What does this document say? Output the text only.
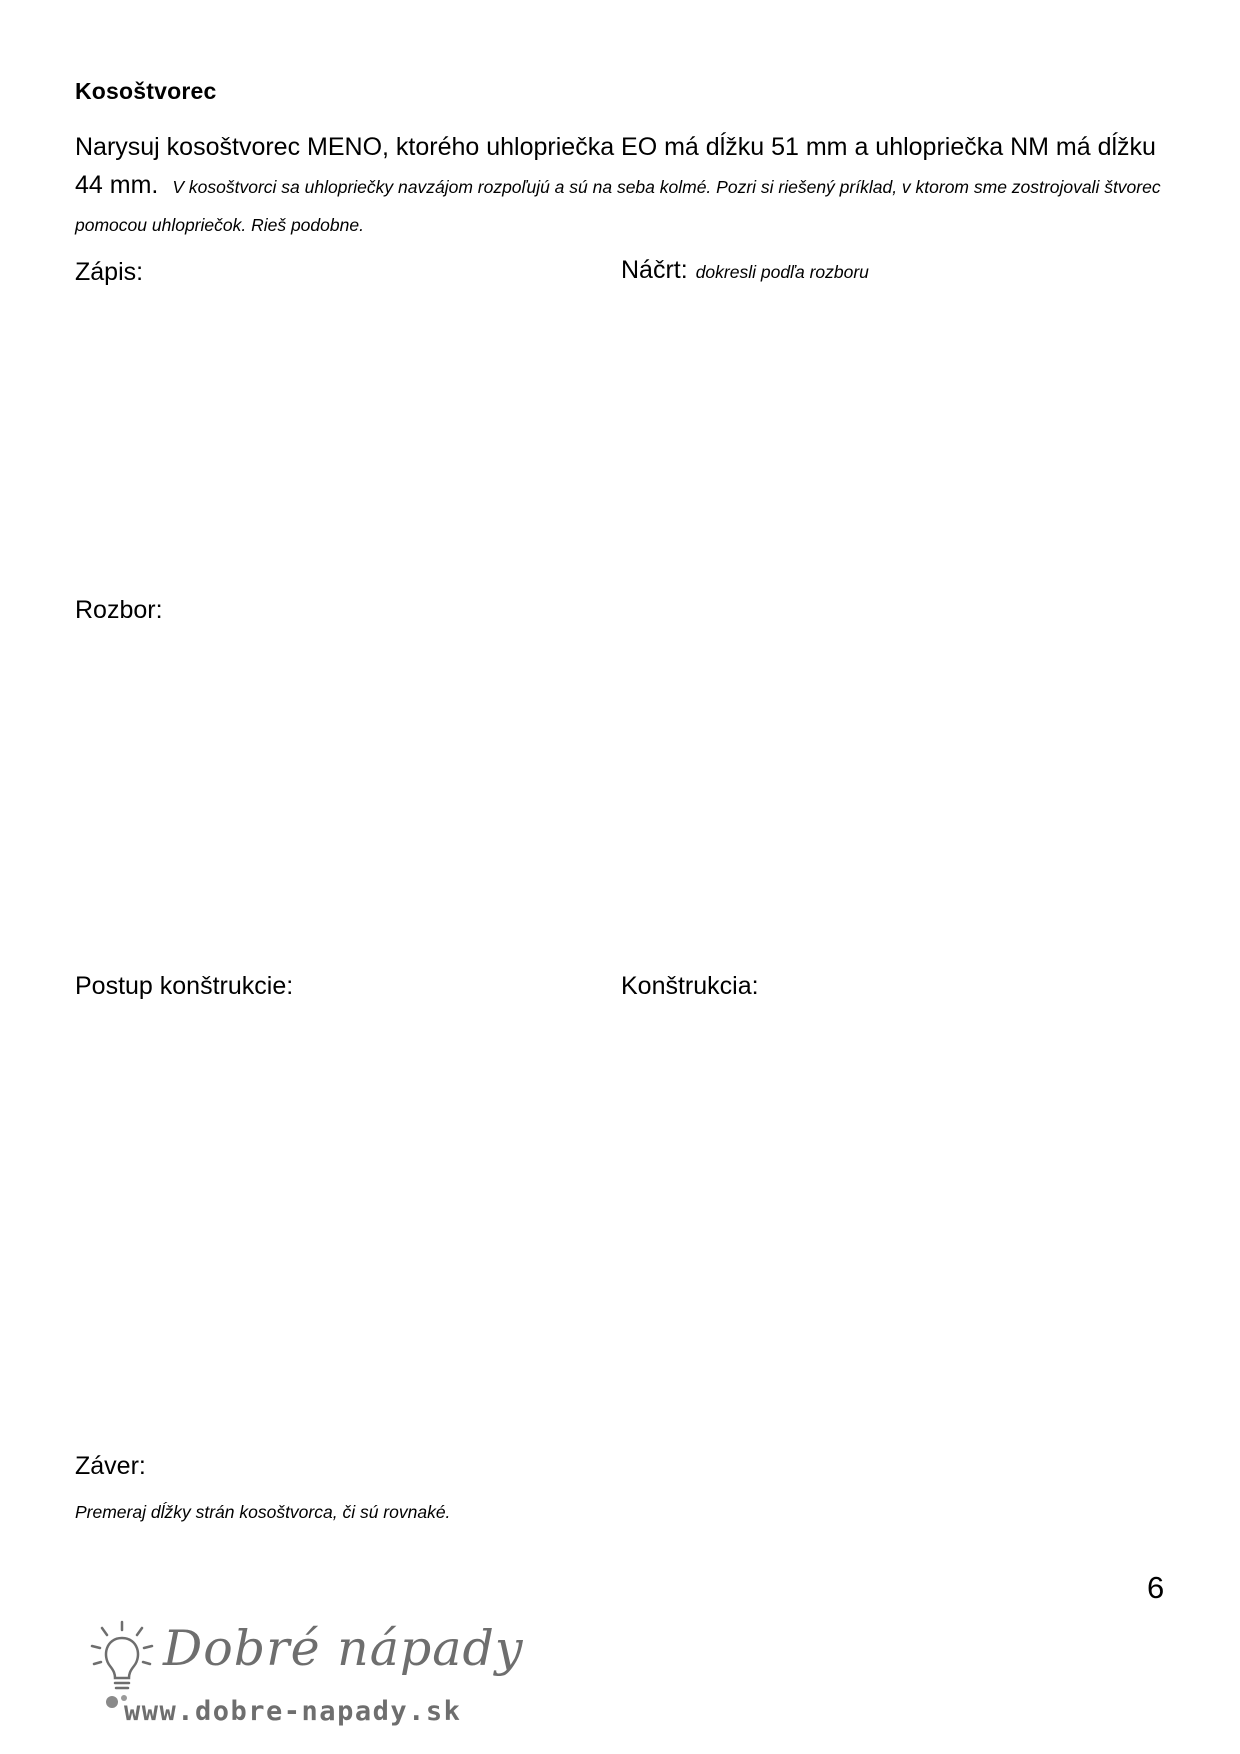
Kosoštvorec
Narysuj kosoštvorec MENO, ktorého uhlopriečka EO má dĺžku 51 mm a uhlopriečka NM má dĺžku 44 mm. V kosoštvorci sa uhlopriečky navzájom rozpoľujú a sú na seba kolmé. Pozri si riešený príklad, v ktorom sme zostrojovali štvorec pomocou uhlopriečok. Rieš podobne.
Zápis:	Náčrt: dokresli podľa rozboru
Rozbor:
Postup konštrukcie:	Konštrukcia:
Záver:
Premeraj dĺžky strán kosoštvorca, či sú rovnaké.
6
Dobré nápady
www.dobre-napady.sk
